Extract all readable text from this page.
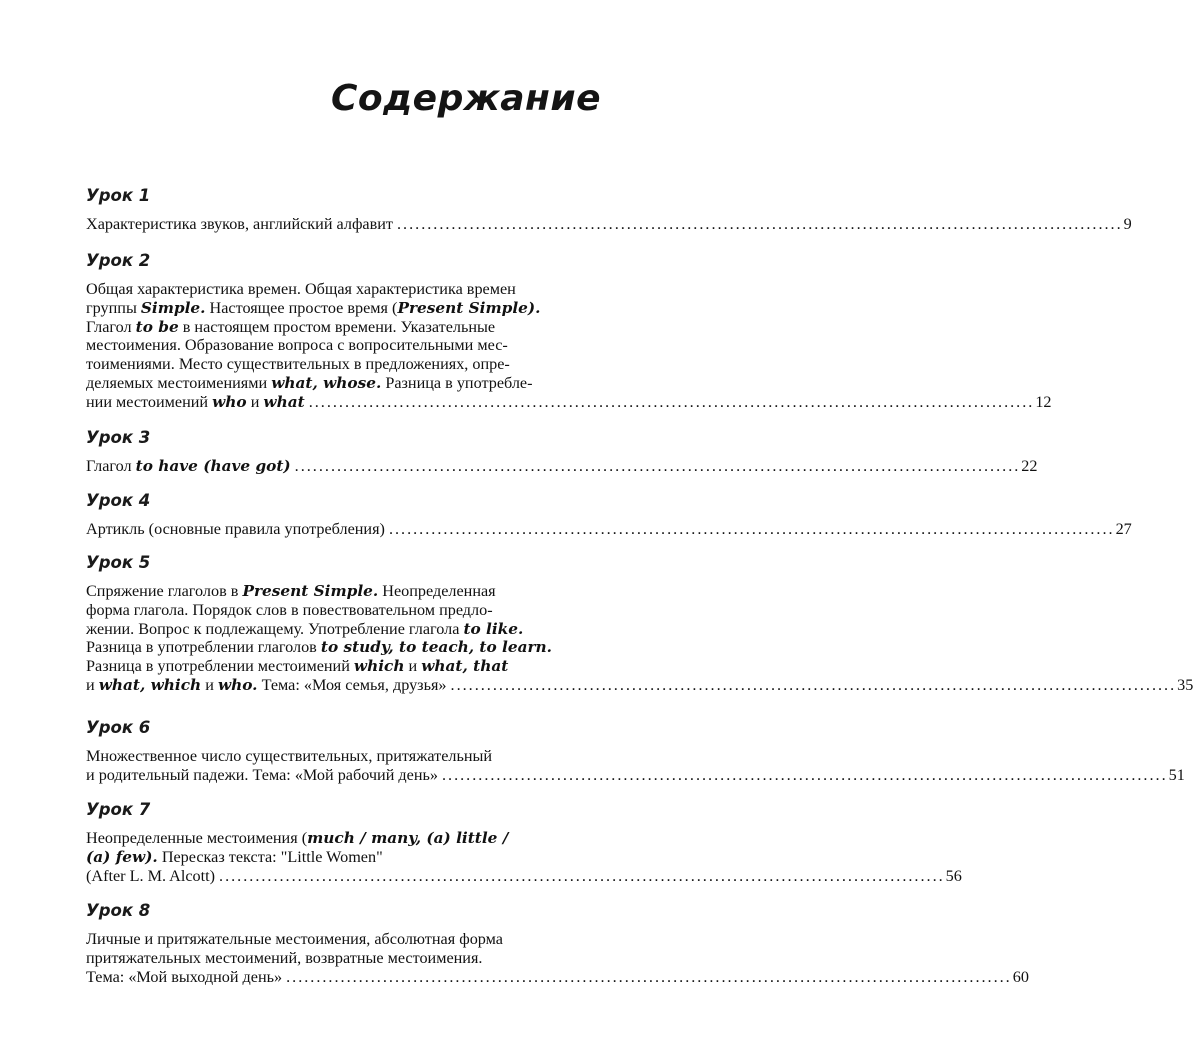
Содержание
Урок 1
Характеристика звуков, английский алфавит ........................................................................................................................ 9
Урок 2
Общая характеристика времен. Общая характеристика времен
группы Simple. Настоящее простое время (Present Simple).
Глагол to be в настоящем простом времени. Указательные
местоимения. Образование вопроса с вопросительными мес-
тоимениями. Место существительных в предложениях, опре-
деляемых местоимениями what, whose. Разница в употребле-
нии местоимений who и what ........................................................................................................................ 12
Урок 3
Глагол to have (have got) ........................................................................................................................ 22
Урок 4
Артикль (основные правила употребления) ........................................................................................................................ 27
Урок 5
Спряжение глаголов в Present Simple. Неопределенная
форма глагола. Порядок слов в повествовательном предло-
жении. Вопрос к подлежащему. Употребление глагола to like.
Разница в употреблении глаголов to study, to teach, to learn.
Разница в употреблении местоимений which и what, that
и what, which и who. Тема: «Моя семья, друзья» ........................................................................................................................ 35
Урок 6
Множественное число существительных, притяжательный
и родительный падежи. Тема: «Мой рабочий день» ........................................................................................................................ 51
Урок 7
Неопределенные местоимения (much / many, (a) little /
(a) few). Пересказ текста: "Little Women"
(After L. M. Alcott) ........................................................................................................................ 56
Урок 8
Личные и притяжательные местоимения, абсолютная форма
притяжательных местоимений, возвратные местоимения.
Тема: «Мой выходной день» ........................................................................................................................ 60
